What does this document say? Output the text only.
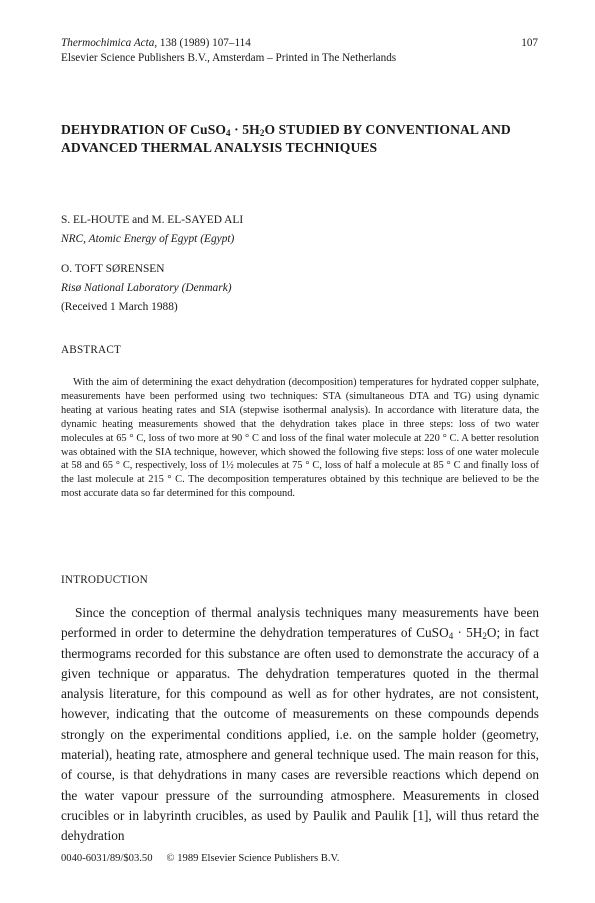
Thermochimica Acta, 138 (1989) 107–114	107
Elsevier Science Publishers B.V., Amsterdam – Printed in The Netherlands
DEHYDRATION OF CuSO$_4$ · $5H_2O$ STUDIED BY CONVENTIONAL AND ADVANCED THERMAL ANALYSIS TECHNIQUES
S. EL-HOUTE and M. EL-SAYED ALI
NRC, Atomic Energy of Egypt (Egypt)
O. TOFT SØRENSEN
Risø National Laboratory (Denmark)
(Received 1 March 1988)
ABSTRACT
With the aim of determining the exact dehydration (decomposition) temperatures for hydrated copper sulphate, measurements have been performed using two techniques: STA (simultaneous DTA and TG) using dynamic heating at various heating rates and SIA (stepwise isothermal analysis). In accordance with literature data, the dynamic heating measurements showed that the dehydration takes place in three steps: loss of two water molecules at 65 ° C, loss of two more at 90 ° C and loss of the final water molecule at 220 ° C. A better resolution was obtained with the SIA technique, however, which showed the following five steps: loss of one water molecule at 58 and 65 ° C, respectively, loss of 1½ molecules at 75 ° C, loss of half a molecule at 85 ° C and finally loss of the last molecule at 215 ° C. The decomposition temperatures obtained by this technique are believed to be the most accurate data so far determined for this compound.
INTRODUCTION
Since the conception of thermal analysis techniques many measurements have been performed in order to determine the dehydration temperatures of CuSO$_4$ · $5H_2O$; in fact thermograms recorded for this substance are often used to demonstrate the accuracy of a given technique or apparatus. The dehydration temperatures quoted in the thermal analysis literature, for this compound as well as for other hydrates, are not consistent, however, indicating that the outcome of measurements on these compounds depends strongly on the experimental conditions applied, i.e. on the sample holder (geometry, material), heating rate, atmosphere and general technique used. The main reason for this, of course, is that dehydrations in many cases are reversible reactions which depend on the water vapour pressure of the surrounding atmosphere. Measurements in closed crucibles or in labyrinth crucibles, as used by Paulik and Paulik [1], will thus retard the dehydration
0040-6031/89/$03.50 © 1989 Elsevier Science Publishers B.V.
